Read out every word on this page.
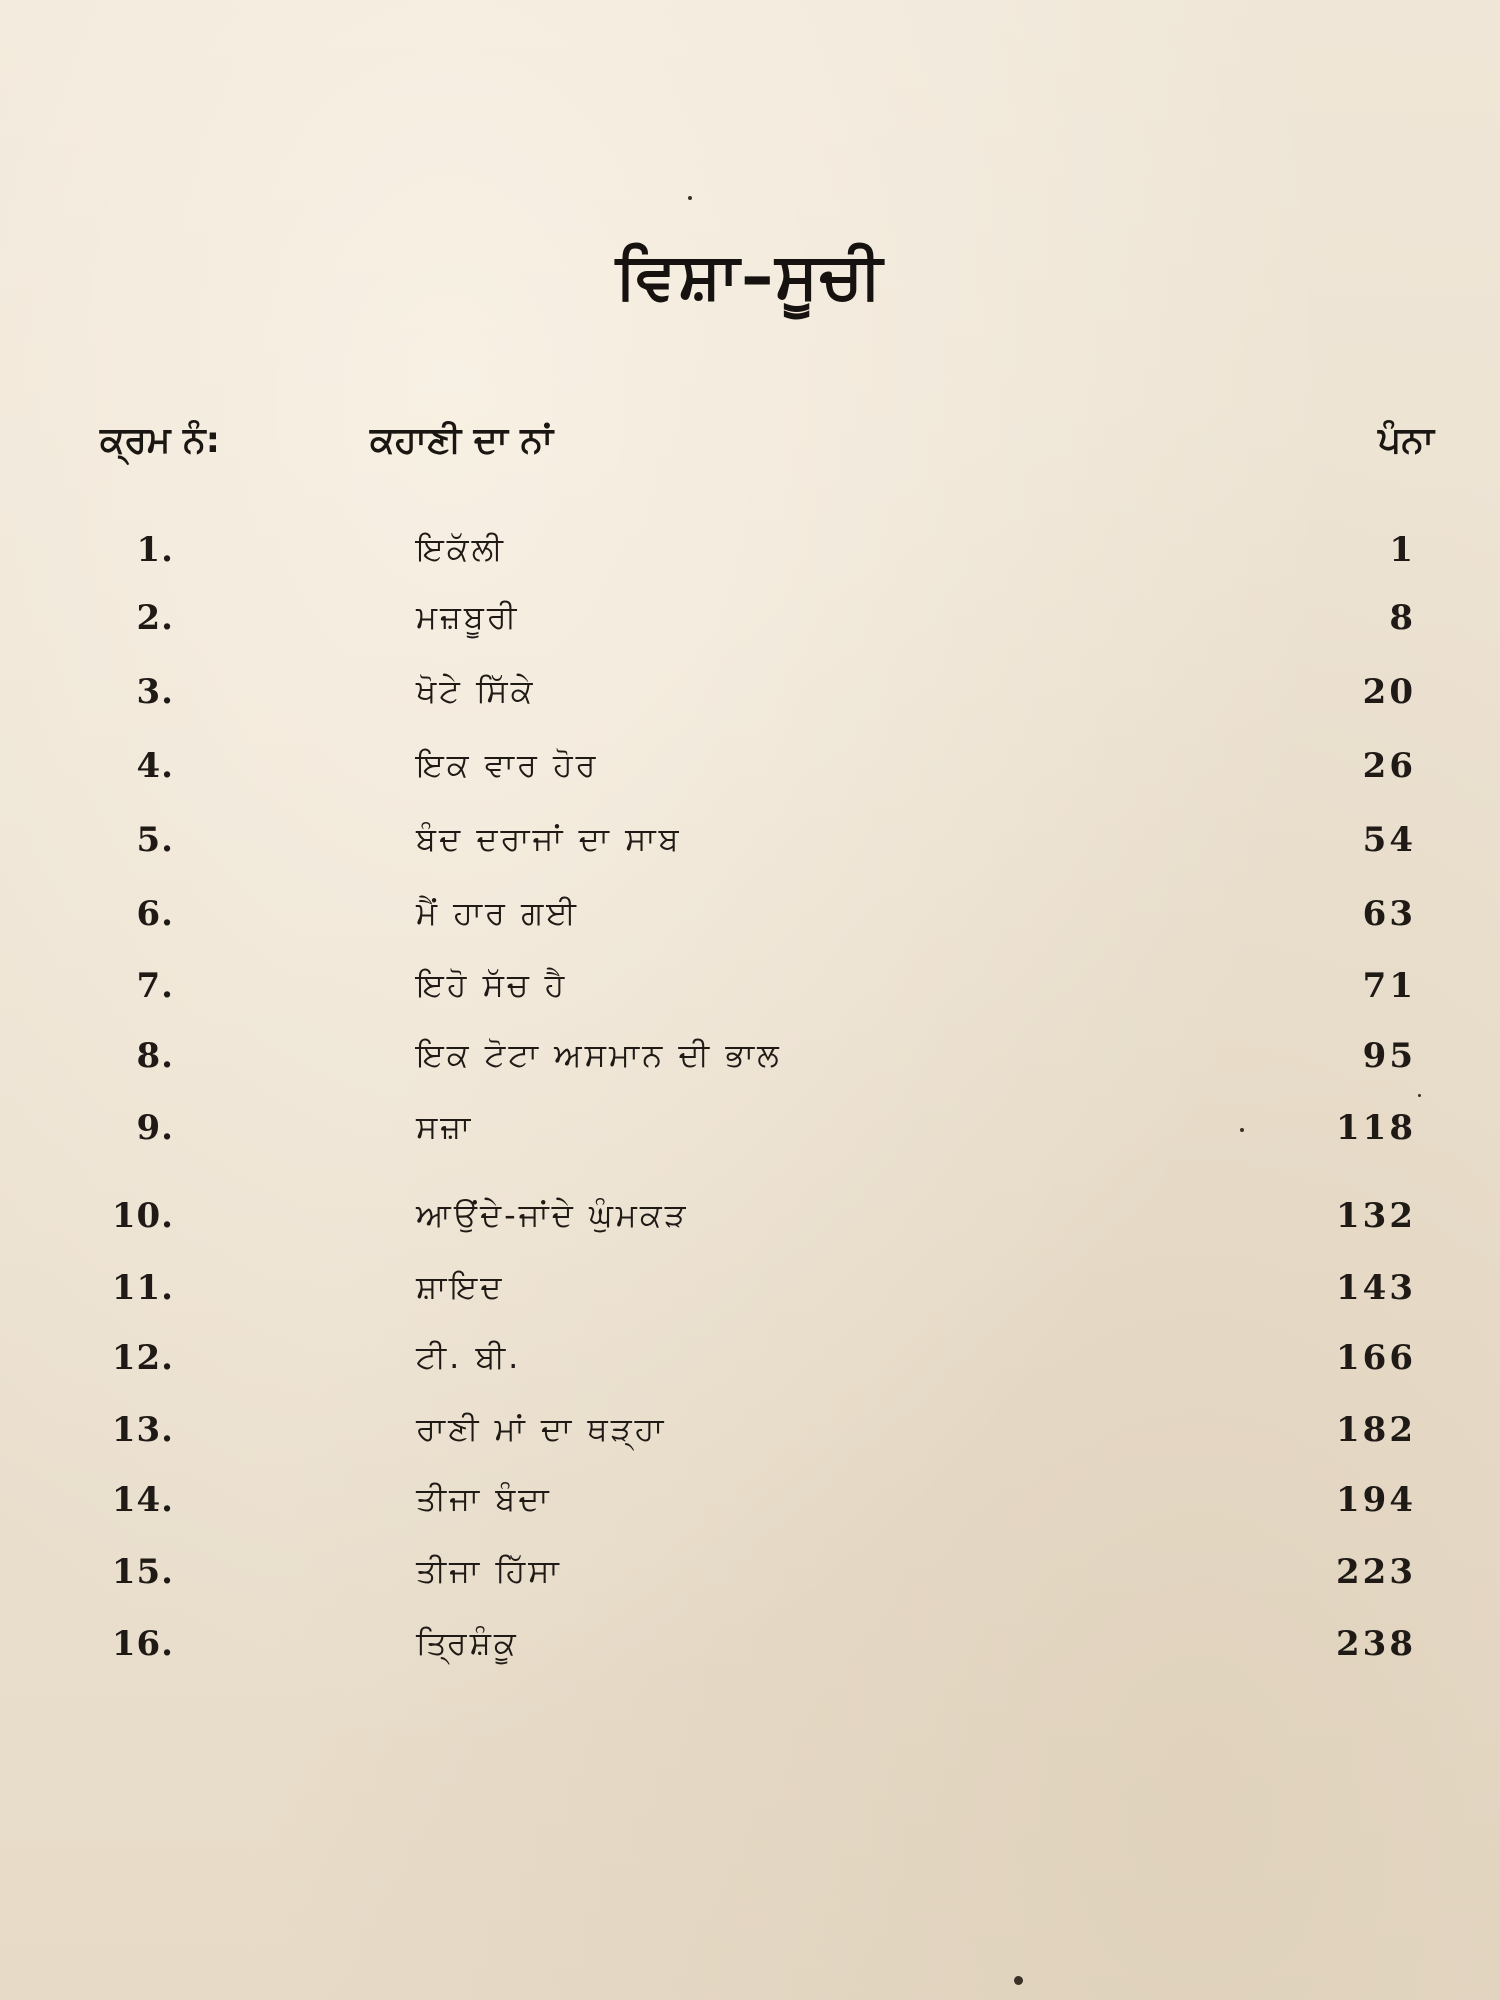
ਵਿਸ਼ਾ–ਸੂਚੀ
ਕ੍ਰਮ ਨੰ:	ਕਹਾਣੀ ਦਾ ਨਾਂ	ਪੰਨਾ
1.	ਇਕੱਲੀ	1
2.	ਮਜ਼ਬੂਰੀ	8
3.	ਖੋਟੇ ਸਿੱਕੇ	20
4.	ਇਕ ਵਾਰ ਹੋਰ	26
5.	ਬੰਦ ਦਰਾਜਾਂ ਦਾ ਸਾਬ	54
6.	ਮੈਂ ਹਾਰ ਗਈ	63
7.	ਇਹੋ ਸੱਚ ਹੈ	71
8.	ਇਕ ਟੋਟਾ ਅਸਮਾਨ ਦੀ ਭਾਲ	95
9.	ਸਜ਼ਾ	118
10.	ਆਉਂਦੇ-ਜਾਂਦੇ ਘੁੰਮਕੜ	132
11.	ਸ਼ਾਇਦ	143
12.	ਟੀ. ਬੀ.	166
13.	ਰਾਣੀ ਮਾਂ ਦਾ ਥੜ੍ਹਾ	182
14.	ਤੀਜਾ ਬੰਦਾ	194
15.	ਤੀਜਾ ਹਿੱਸਾ	223
16.	ਤ੍ਰਿਸ਼ੰਕੂ	238
